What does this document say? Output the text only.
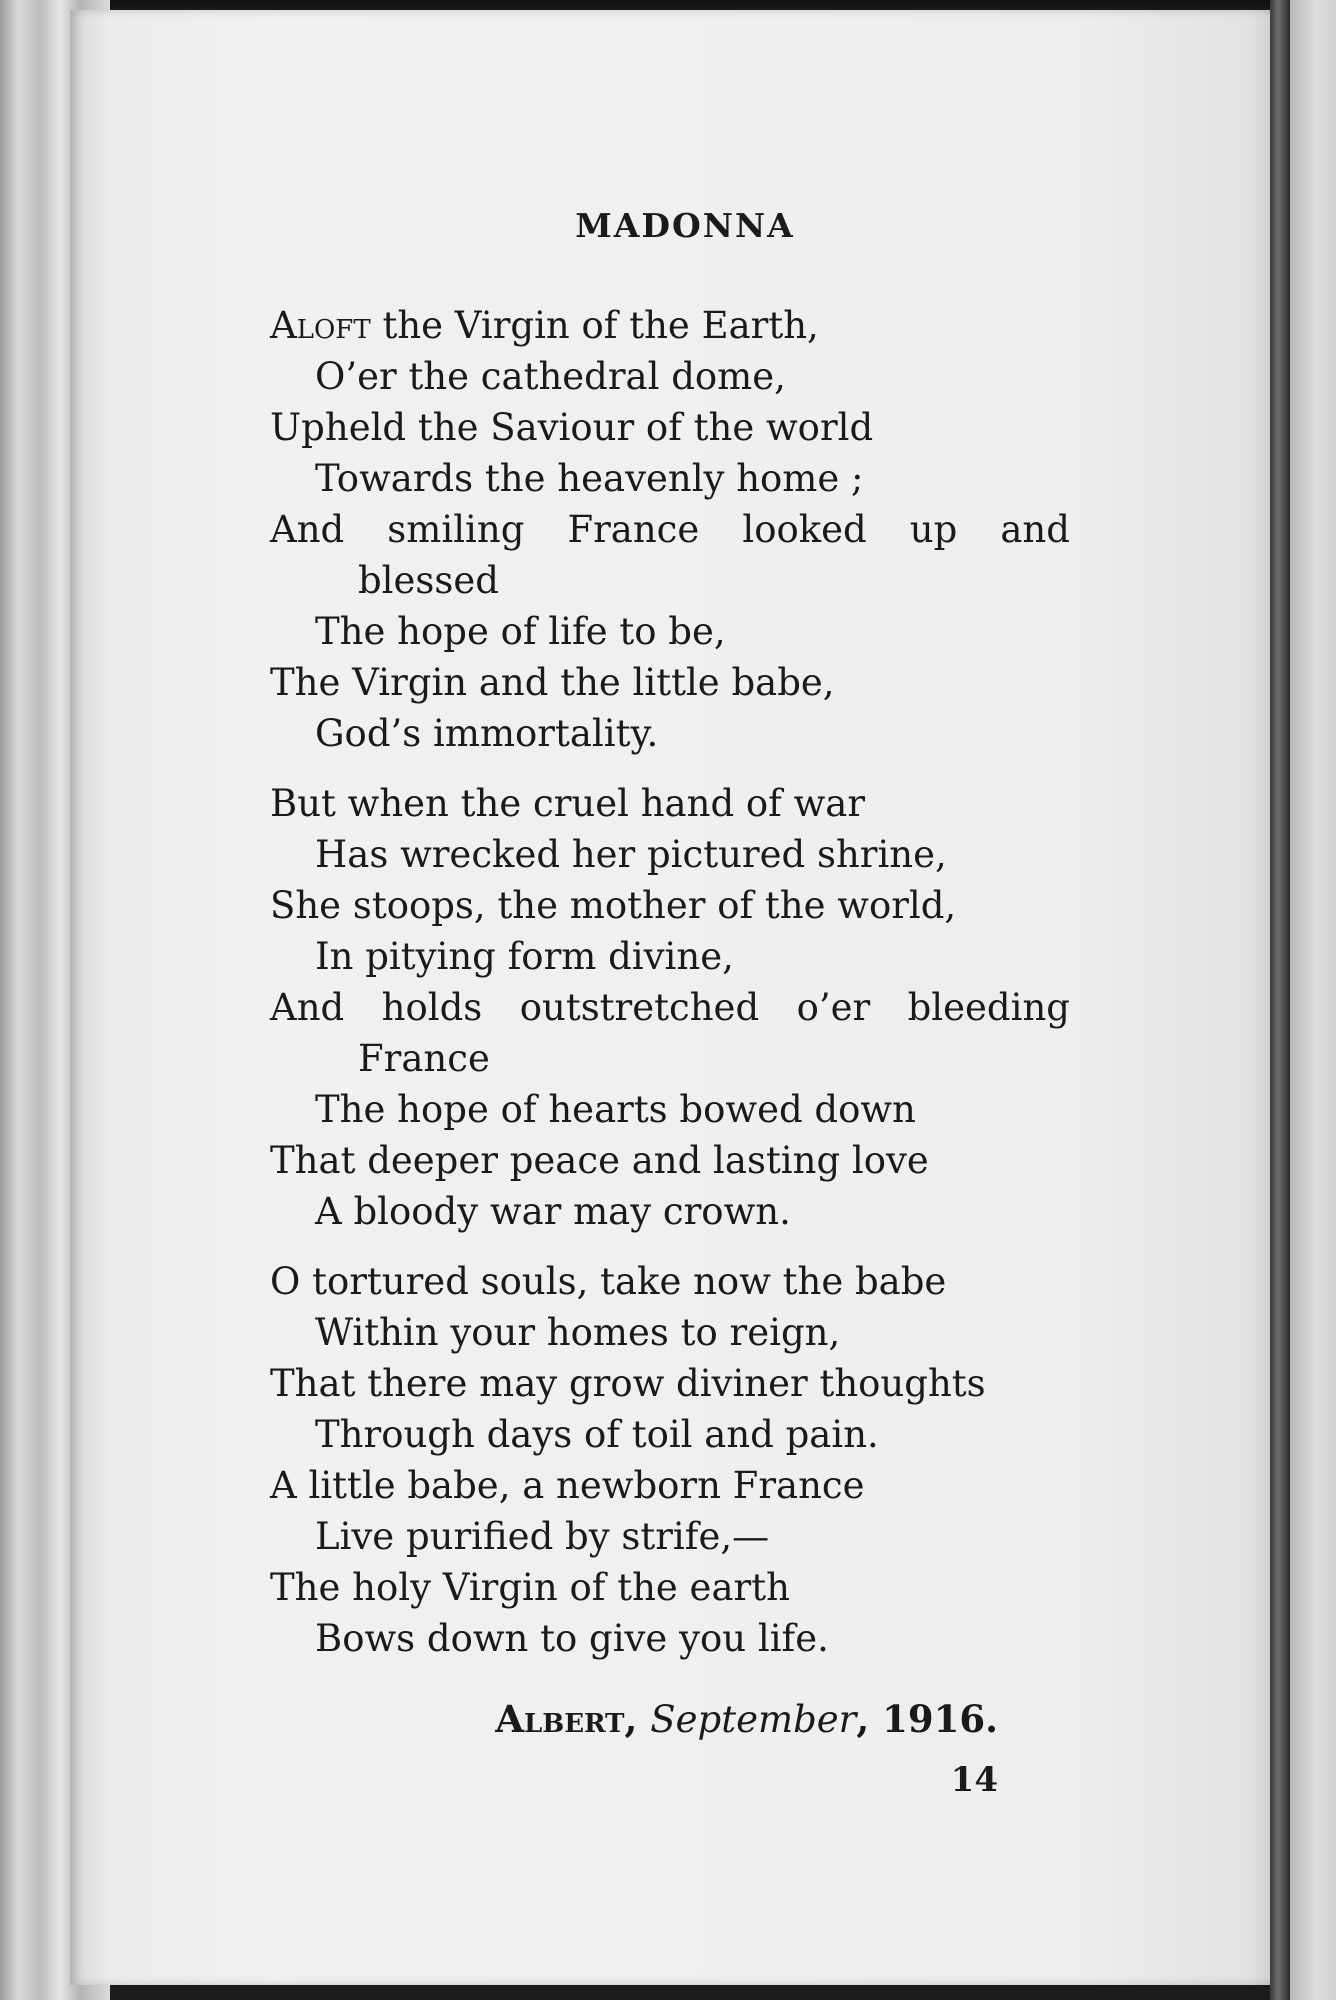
MADONNA
Aloft the Virgin of the Earth,
O’er the cathedral dome,
Upheld the Saviour of the world
Towards the heavenly home ;
And smiling France looked up and
blessed
The hope of life to be,
The Virgin and the little babe,
God’s immortality.
But when the cruel hand of war
Has wrecked her pictured shrine,
She stoops, the mother of the world,
In pitying form divine,
And holds outstretched o’er bleeding
France
The hope of hearts bowed down
That deeper peace and lasting love
A bloody war may crown.
O tortured souls, take now the babe
Within your homes to reign,
That there may grow diviner thoughts
Through days of toil and pain.
A little babe, a newborn France
Live purified by strife,—
The holy Virgin of the earth
Bows down to give you life.

Albert, September, 1916.

14
